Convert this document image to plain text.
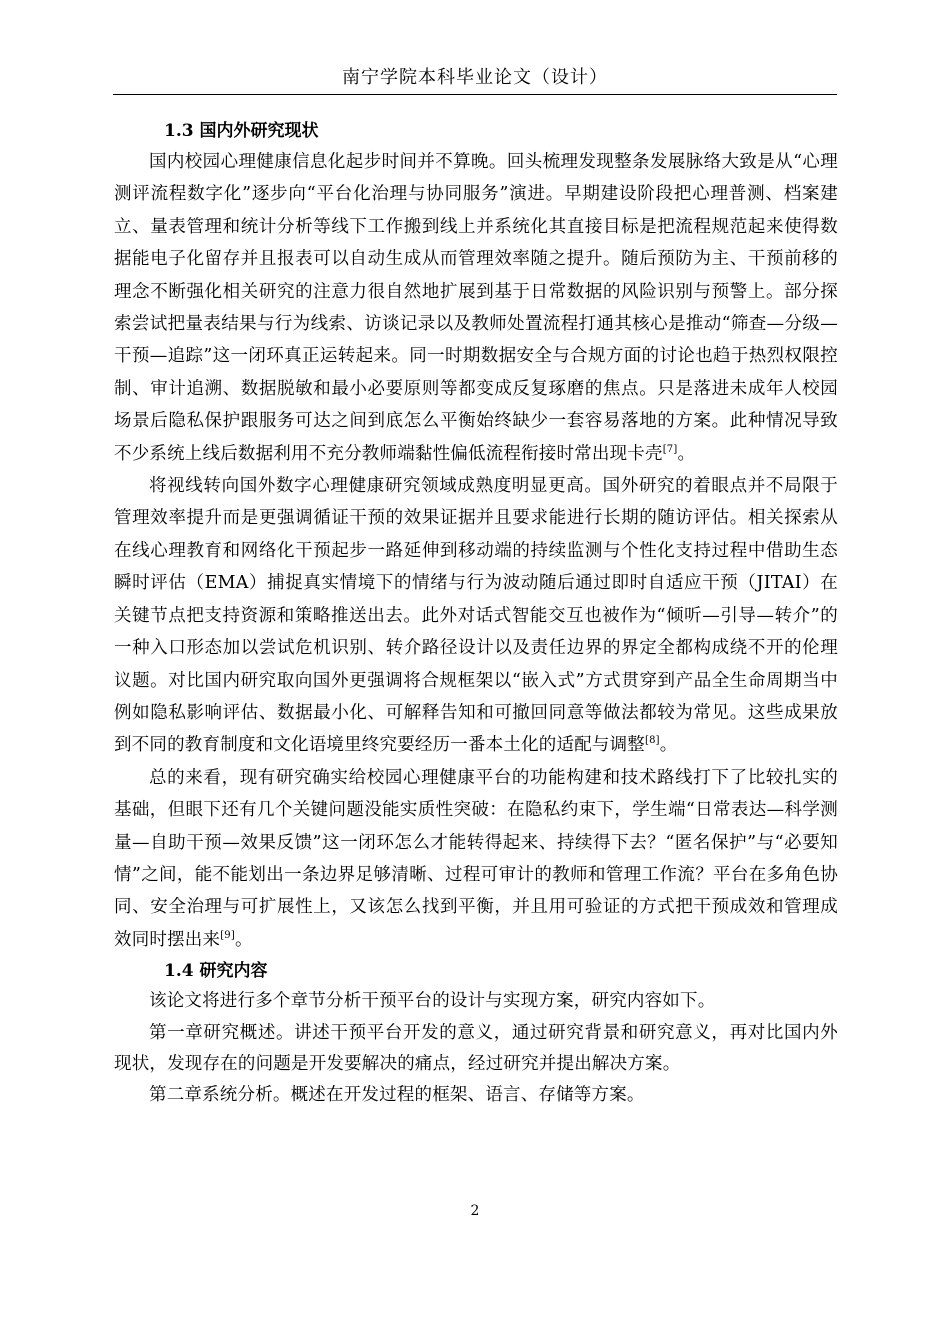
南宁学院本科毕业论文（设计）
1.3 国内外研究现状

国内校园心理健康信息化起步时间并不算晚。回头梳理发现整条发展脉络大致是从“心理测评流程数字化”逐步向“平台化治理与协同服务”演进。早期建设阶段把心理普测、档案建立、量表管理和统计分析等线下工作搬到线上并系统化其直接目标是把流程规范起来使得数据能电子化留存并且报表可以自动生成从而管理效率随之提升。随后预防为主、干预前移的理念不断强化相关研究的注意力很自然地扩展到基于日常数据的风险识别与预警上。部分探索尝试把量表结果与行为线索、访谈记录以及教师处置流程打通其核心是推动“筛查—分级—干预—追踪”这一闭环真正运转起来。同一时期数据安全与合规方面的讨论也趋于热烈权限控制、审计追溯、数据脱敏和最小必要原则等都变成反复琢磨的焦点。只是落进未成年人校园场景后隐私保护跟服务可达之间到底怎么平衡始终缺少一套容易落地的方案。此种情况导致不少系统上线后数据利用不充分教师端黏性偏低流程衔接时常出现卡壳[7]。

将视线转向国外数字心理健康研究领域成熟度明显更高。国外研究的着眼点并不局限于管理效率提升而是更强调循证干预的效果证据并且要求能进行长期的随访评估。相关探索从在线心理教育和网络化干预起步一路延伸到移动端的持续监测与个性化支持过程中借助生态瞬时评估（EMA）捕捉真实情境下的情绪与行为波动随后通过即时自适应干预（JITAI）在关键节点把支持资源和策略推送出去。此外对话式智能交互也被作为“倾听—引导—转介”的一种入口形态加以尝试危机识别、转介路径设计以及责任边界的界定全都构成绕不开的伦理议题。对比国内研究取向国外更强调将合规框架以“嵌入式”方式贯穿到产品全生命周期当中例如隐私影响评估、数据最小化、可解释告知和可撤回同意等做法都较为常见。这些成果放到不同的教育制度和文化语境里终究要经历一番本土化的适配与调整[8]。

总的来看，现有研究确实给校园心理健康平台的功能构建和技术路线打下了比较扎实的基础，但眼下还有几个关键问题没能实质性突破：在隐私约束下，学生端“日常表达—科学测量—自助干预—效果反馈”这一闭环怎么才能转得起来、持续得下去？“匿名保护”与“必要知情”之间，能不能划出一条边界足够清晰、过程可审计的教师和管理工作流？平台在多角色协同、安全治理与可扩展性上，又该怎么找到平衡，并且用可验证的方式把干预成效和管理成效同时摆出来[9]。

1.4 研究内容

该论文将进行多个章节分析干预平台的设计与实现方案，研究内容如下。

第一章研究概述。讲述干预平台开发的意义，通过研究背景和研究意义，再对比国内外现状，发现存在的问题是开发要解决的痛点，经过研究并提出解决方案。

第二章系统分析。概述在开发过程的框架、语言、存储等方案。

2
